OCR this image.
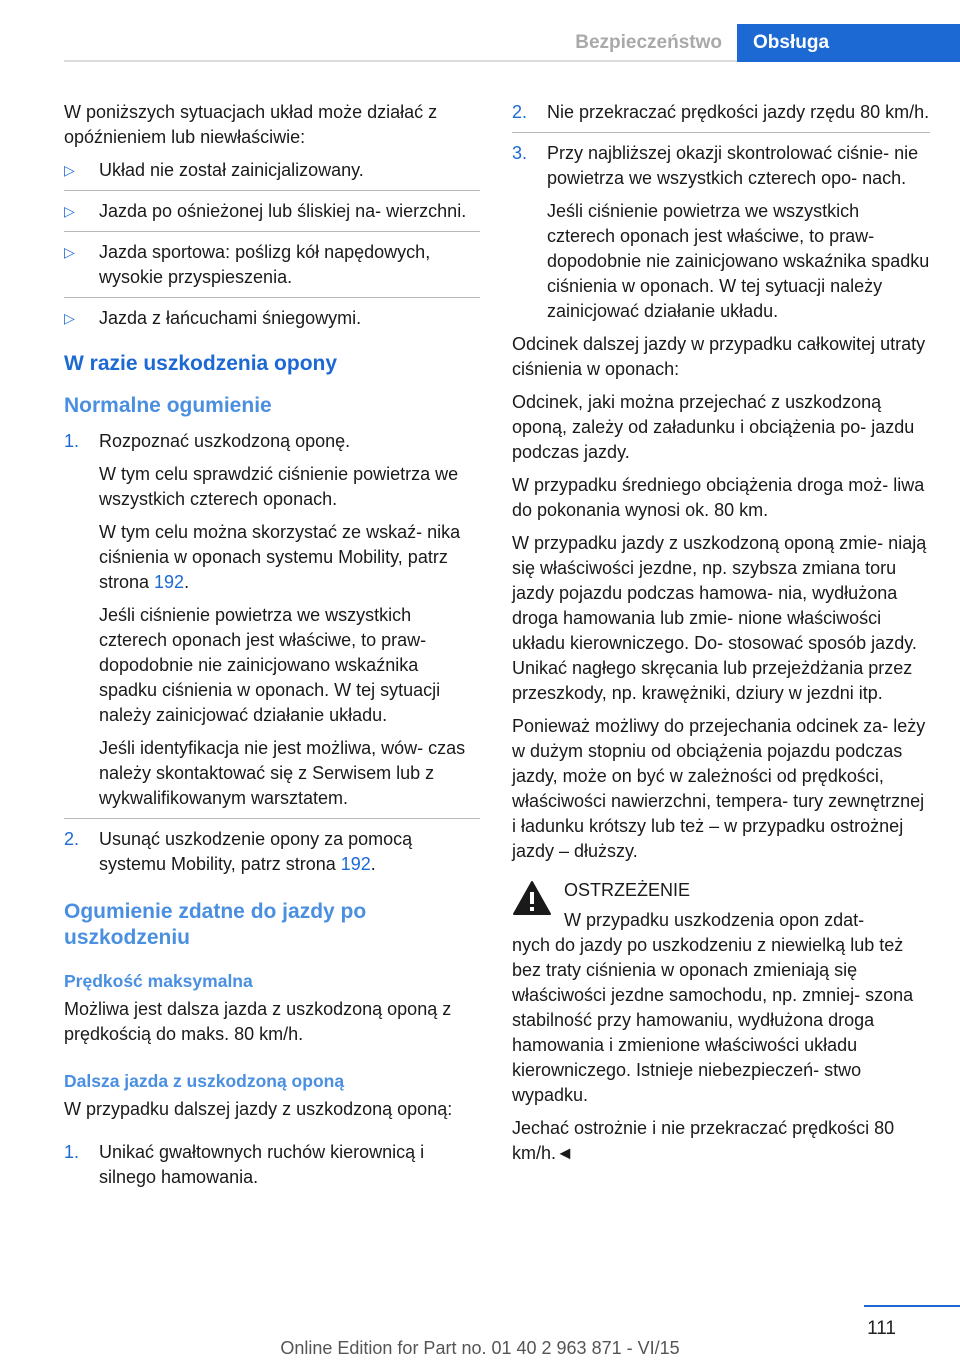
Bezpieczeństwo	Obsługa

W poniższych sytuacjach układ może działać z opóźnieniem lub niewłaściwie:

▷ Układ nie został zainicjalizowany.
▷ Jazda po ośnieżonej lub śliskiej na‐ wierzchni.
▷ Jazda sportowa: poślizg kół napędowych, wysokie przyspieszenia.
▷ Jazda z łańcuchami śniegowymi.
W razie uszkodzenia opony
Normalne ogumienie
1. Rozpoznać uszkodzoną oponę.
W tym celu sprawdzić ciśnienie powietrza we wszystkich czterech oponach.
W tym celu można skorzystać ze wskaź‐ nika ciśnienia w oponach systemu Mobility, patrz strona 192.
Jeśli ciśnienie powietrza we wszystkich czterech oponach jest właściwe, to praw‐ dopodobnie nie zainicjowano wskaźnika spadku ciśnienia w oponach. W tej sytuacji należy zainicjować działanie układu.
Jeśli identyfikacja nie jest możliwa, wów‐ czas należy skontaktować się z Serwisem lub z wykwalifikowanym warsztatem.
2. Usunąć uszkodzenie opony za pomocą systemu Mobility, patrz strona 192.
Ogumienie zdatne do jazdy po uszkodzeniu
Prędkość maksymalna

Możliwa jest dalsza jazda z uszkodzoną oponą z prędkością do maks. 80 km/h.

Dalsza jazda z uszkodzoną oponą

W przypadku dalszej jazdy z uszkodzoną oponą:

1. Unikać gwałtownych ruchów kierownicą i silnego hamowania.
2. Nie przekraczać prędkości jazdy rzędu 80 km/h.
3. Przy najbliższej okazji skontrolować ciśnie‐ nie powietrza we wszystkich czterech opo‐ nach.
Jeśli ciśnienie powietrza we wszystkich czterech oponach jest właściwe, to praw‐ dopodobnie nie zainicjowano wskaźnika spadku ciśnienia w oponach. W tej sytuacji należy zainicjować działanie układu.

Odcinek dalszej jazdy w przypadku całkowitej utraty ciśnienia w oponach:

Odcinek, jaki można przejechać z uszkodzoną oponą, zależy od załadunku i obciążenia po‐ jazdu podczas jazdy.

W przypadku średniego obciążenia droga moż‐ liwa do pokonania wynosi ok. 80 km.

W przypadku jazdy z uszkodzoną oponą zmie‐ niają się właściwości jezdne, np. szybsza zmiana toru jazdy pojazdu podczas hamowa‐ nia, wydłużona droga hamowania lub zmie‐ nione właściwości układu kierowniczego. Do‐ stosować sposób jazdy. Unikać nagłego skręcania lub przejeżdżania przez przeszkody, np. krawężniki, dziury w jezdni itp.

Ponieważ możliwy do przejechania odcinek za‐ leży w dużym stopniu od obciążenia pojazdu podczas jazdy, może on być w zależności od prędkości, właściwości nawierzchni, tempera‐ tury zewnętrznej i ładunku krótszy lub też – w przypadku ostrożnej jazdy – dłuższy.

OSTRZEŻENIE
W przypadku uszkodzenia opon zdat‐
nych do jazdy po uszkodzeniu z niewielką lub też bez traty ciśnienia w oponach zmieniają się właściwości jezdne samochodu, np. zmniej‐ szona stabilność przy hamowaniu, wydłużona droga hamowania i zmienione właściwości układu kierowniczego. Istnieje niebezpieczeń‐ stwo wypadku.

Jechać ostrożnie i nie przekraczać prędkości 80 km/h.◄

111
Online Edition for Part no. 01 40 2 963 871 - VI/15
